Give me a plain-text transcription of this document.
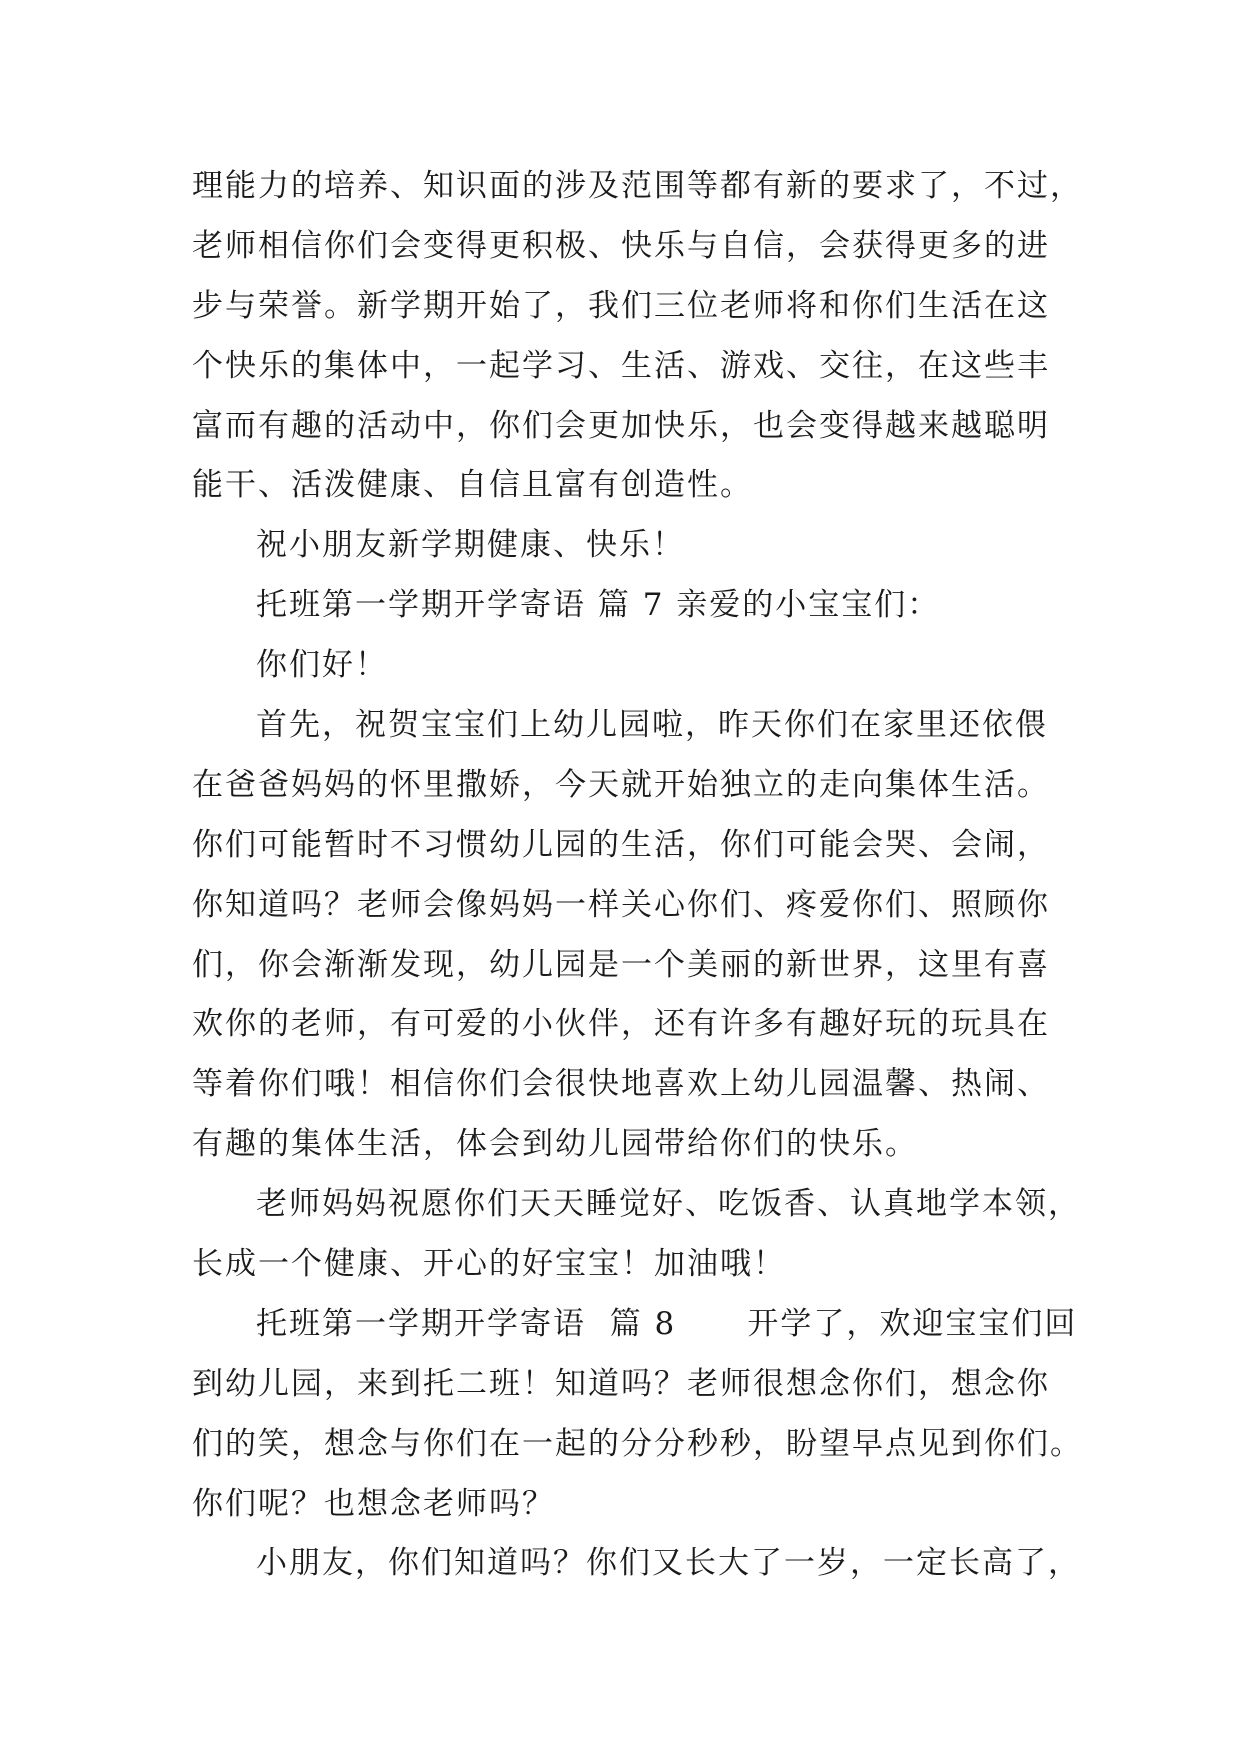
理能力的培养、知识面的涉及范围等都有新的要求了，不过，
老师相信你们会变得更积极、快乐与自信，会获得更多的进
步与荣誉。新学期开始了，我们三位老师将和你们生活在这
个快乐的集体中，一起学习、生活、游戏、交往，在这些丰
富而有趣的活动中，你们会更加快乐，也会变得越来越聪明
能干、活泼健康、自信且富有创造性。
祝小朋友新学期健康、快乐！
托班第一学期开学寄语 篇 7 亲爱的小宝宝们：
你们好！
首先，祝贺宝宝们上幼儿园啦，昨天你们在家里还依偎
在爸爸妈妈的怀里撒娇，今天就开始独立的走向集体生活。
你们可能暂时不习惯幼儿园的生活，你们可能会哭、会闹，
你知道吗？老师会像妈妈一样关心你们、疼爱你们、照顾你
们，你会渐渐发现，幼儿园是一个美丽的新世界，这里有喜
欢你的老师，有可爱的小伙伴，还有许多有趣好玩的玩具在
等着你们哦！相信你们会很快地喜欢上幼儿园温馨、热闹、
有趣的集体生活，体会到幼儿园带给你们的快乐。
老师妈妈祝愿你们天天睡觉好、吃饭香、认真地学本领，
长成一个健康、开心的好宝宝！加油哦！
托班第一学期开学寄语  篇 8      开学了，欢迎宝宝们回
到幼儿园，来到托二班！知道吗？老师很想念你们，想念你
们的笑，想念与你们在一起的分分秒秒，盼望早点见到你们。
你们呢？也想念老师吗？
小朋友，你们知道吗？你们又长大了一岁，一定长高了，
